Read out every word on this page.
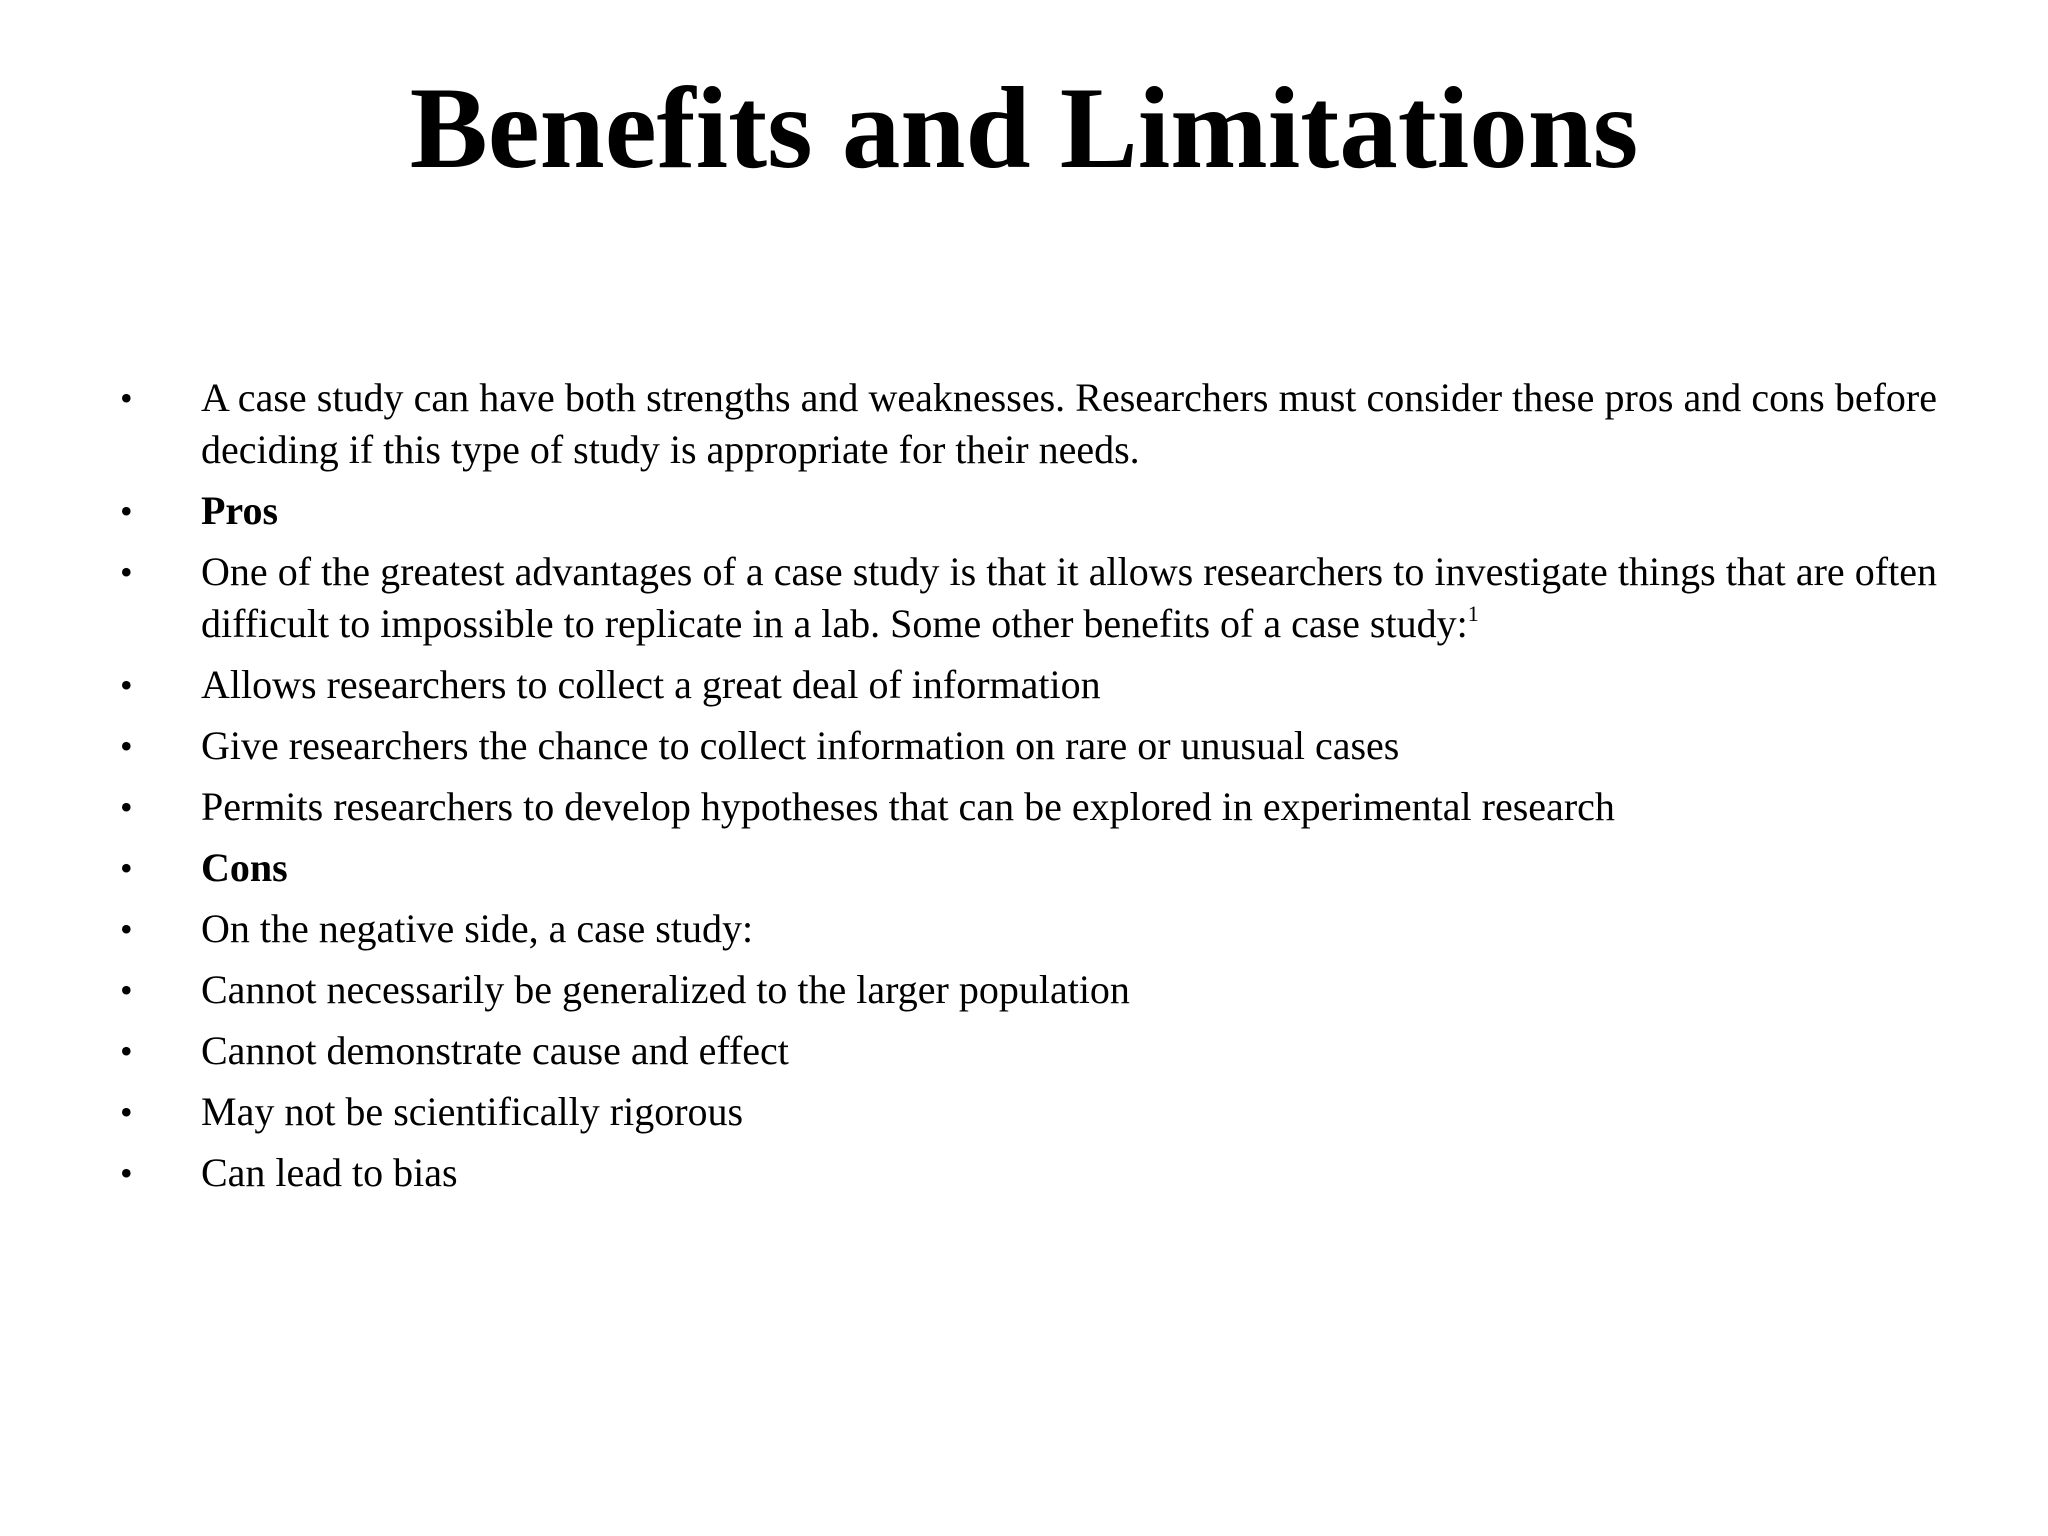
Benefits and Limitations
• A case study can have both strengths and weaknesses. Researchers must consider these pros and cons before deciding if this type of study is appropriate for their needs.
• Pros
• One of the greatest advantages of a case study is that it allows researchers to investigate things that are often difficult to impossible to replicate in a lab. Some other benefits of a case study:$^1$
• Allows researchers to collect a great deal of information
• Give researchers the chance to collect information on rare or unusual cases
• Permits researchers to develop hypotheses that can be explored in experimental research
• Cons
• On the negative side, a case study:
• Cannot necessarily be generalized to the larger population
• Cannot demonstrate cause and effect
• May not be scientifically rigorous
• Can lead to bias
